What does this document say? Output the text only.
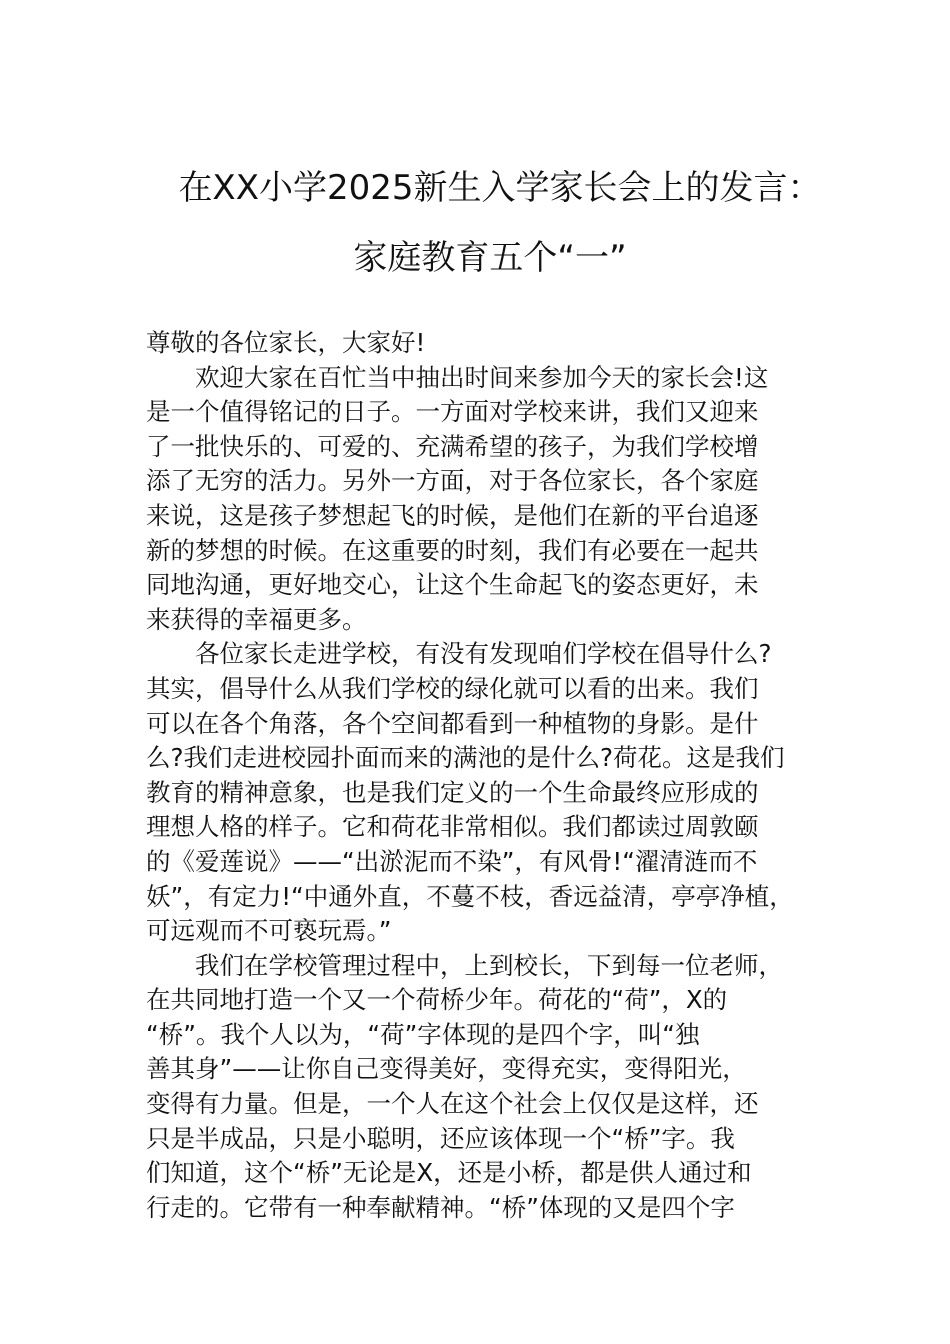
在XX小学2025新生入学家长会上的发言：
家庭教育五个“一”
尊敬的各位家长，大家好!
欢迎大家在百忙当中抽出时间来参加今天的家长会!这
是一个值得铭记的日子。一方面对学校来讲，我们又迎来
了一批快乐的、可爱的、充满希望的孩子，为我们学校增
添了无穷的活力。另外一方面，对于各位家长，各个家庭
来说，这是孩子梦想起飞的时候，是他们在新的平台追逐
新的梦想的时候。在这重要的时刻，我们有必要在一起共
同地沟通，更好地交心，让这个生命起飞的姿态更好，未
来获得的幸福更多。
各位家长走进学校，有没有发现咱们学校在倡导什么?
其实，倡导什么从我们学校的绿化就可以看的出来。我们
可以在各个角落，各个空间都看到一种植物的身影。是什
么?我们走进校园扑面而来的满池的是什么?荷花。这是我们
教育的精神意象，也是我们定义的一个生命最终应形成的
理想人格的样子。它和荷花非常相似。我们都读过周敦颐
的《爱莲说》——“出淤泥而不染”，有风骨!“濯清涟而不
妖”，有定力!“中通外直，不蔓不枝，香远益清，亭亭净植，
可远观而不可亵玩焉。”
我们在学校管理过程中，上到校长，下到每一位老师，
在共同地打造一个又一个荷桥少年。荷花的“荷”，X的
“桥”。我个人以为，“荷”字体现的是四个字，叫“独
善其身”——让你自己变得美好，变得充实，变得阳光，
变得有力量。但是，一个人在这个社会上仅仅是这样，还
只是半成品，只是小聪明，还应该体现一个“桥”字。我
们知道，这个“桥”无论是X，还是小桥，都是供人通过和
行走的。它带有一种奉献精神。“桥”体现的又是四个字
